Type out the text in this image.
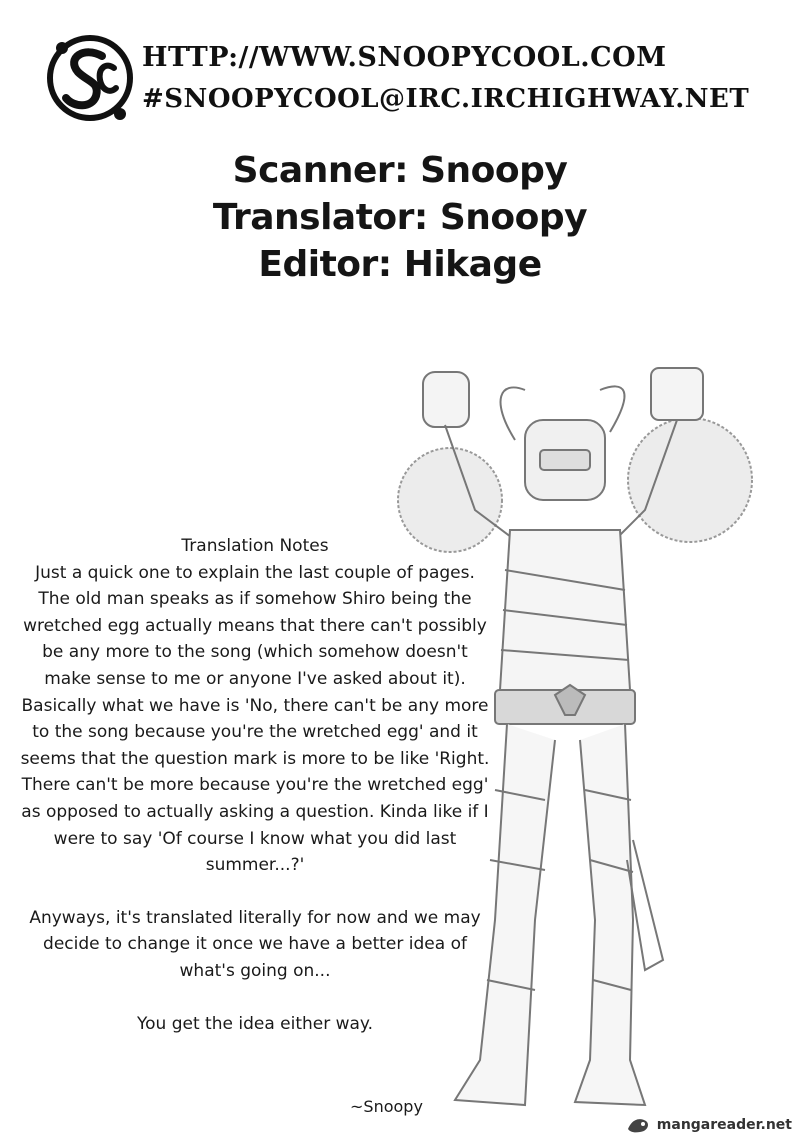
HTTP://WWW.SNOOPYCOOL.COM
#SNOOPYCOOL@IRC.IRCHIGHWAY.NET
Scanner: Snoopy
Translator: Snoopy
Editor: Hikage

Translation Notes

Just a quick one to explain the last couple of pages. The old man speaks as if somehow Shiro being the wretched egg actually means that there can't possibly be any more to the song (which somehow doesn't make sense to me or anyone I've asked about it). Basically what we have is 'No, there can't be any more to the song because you're the wretched egg' and it seems that the question mark is more to be like 'Right. There can't be more because you're the wretched egg' as opposed to actually asking a question. Kinda like if I were to say 'Of course I know what you did last summer...?'

Anyways, it's translated literally for now and we may decide to change it once we have a better idea of what's going on...

You get the idea either way.

~Snoopy
mangareader.net
